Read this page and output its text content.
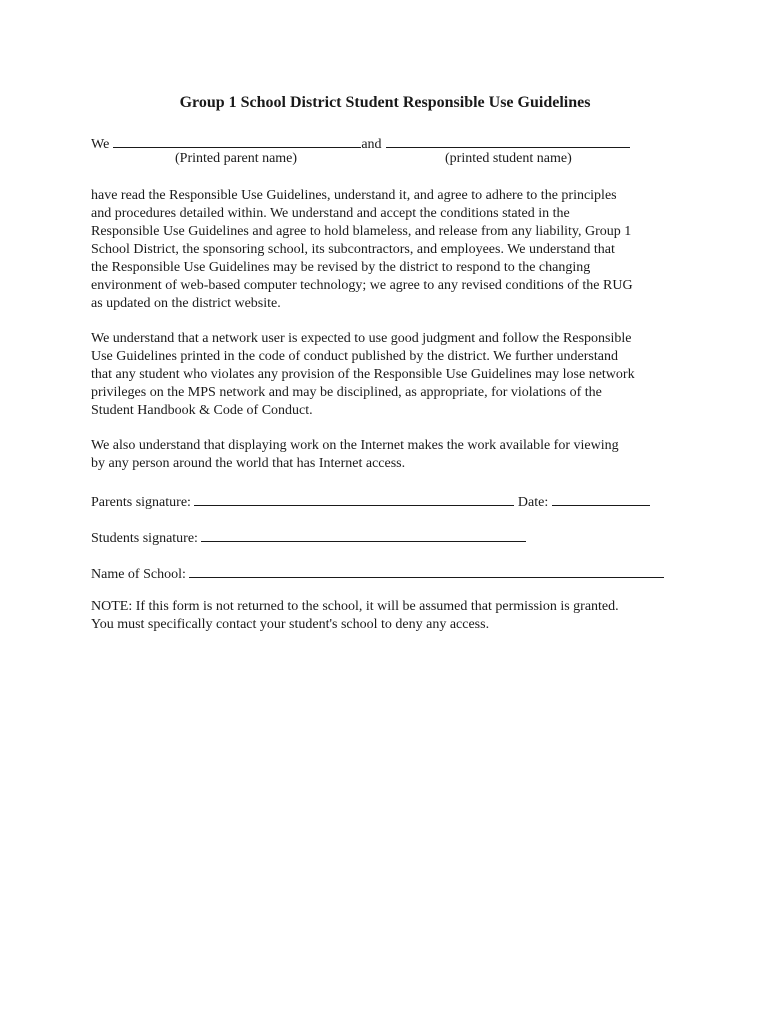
Group 1 School District Student Responsible Use Guidelines
We	and
(Printed parent name)	(printed student name)
have read the Responsible Use Guidelines, understand it, and agree to adhere to the principles
and procedures detailed within. We understand and accept the conditions stated in the
Responsible Use Guidelines and agree to hold blameless, and release from any liability, Group 1
School District, the sponsoring school, its subcontractors, and employees. We understand that
the Responsible Use Guidelines may be revised by the district to respond to the changing
environment of web-based computer technology; we agree to any revised conditions of the RUG
as updated on the district website.
We understand that a network user is expected to use good judgment and follow the Responsible
Use Guidelines printed in the code of conduct published by the district. We further understand
that any student who violates any provision of the Responsible Use Guidelines may lose network
privileges on the MPS network and may be disciplined, as appropriate, for violations of the
Student Handbook & Code of Conduct.
We also understand that displaying work on the Internet makes the work available for viewing
by any person around the world that has Internet access.
Parents signature:	Date:
Students signature:
Name of School:
NOTE: If this form is not returned to the school, it will be assumed that permission is granted.
You must specifically contact your student's school to deny any access.
